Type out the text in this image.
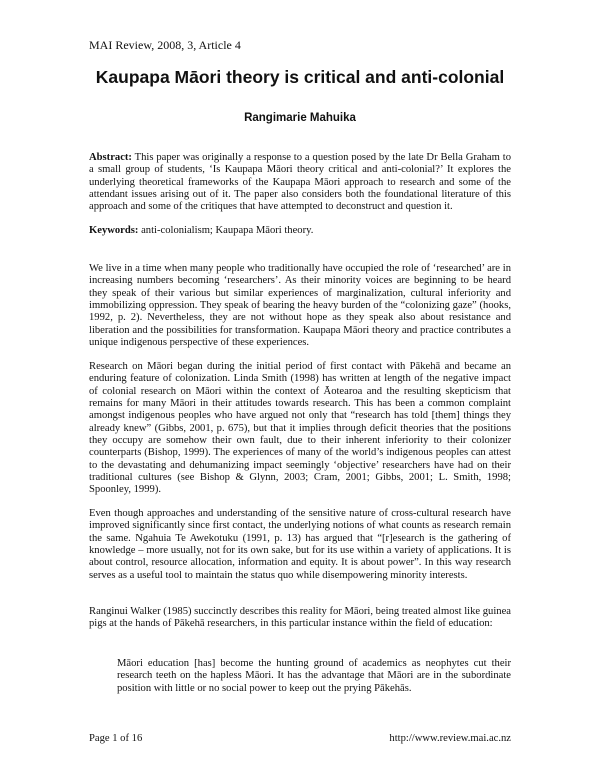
MAI Review, 2008, 3, Article 4
Kaupapa Māori theory is critical and anti-colonial
Rangimarie Mahuika
Abstract: This paper was originally a response to a question posed by the late Dr Bella Graham to a small group of students, ‘Is Kaupapa Māori theory critical and anti-colonial?’ It explores the underlying theoretical frameworks of the Kaupapa Māori approach to research and some of the attendant issues arising out of it. The paper also considers both the foundational literature of this approach and some of the critiques that have attempted to deconstruct and question it.
Keywords: anti-colonialism; Kaupapa Māori theory.
We live in a time when many people who traditionally have occupied the role of ‘researched’ are in increasing numbers becoming ‘researchers’. As their minority voices are beginning to be heard they speak of their various but similar experiences of marginalization, cultural inferiority and immobilizing oppression. They speak of bearing the heavy burden of the “colonizing gaze” (hooks, 1992, p. 2). Nevertheless, they are not without hope as they speak also about resistance and liberation and the possibilities for transformation. Kaupapa Māori theory and practice contributes a unique indigenous perspective of these experiences.
Research on Māori began during the initial period of first contact with Pākehā and became an enduring feature of colonization. Linda Smith (1998) has written at length of the negative impact of colonial research on Māori within the context of Āotearoa and the resulting skepticism that remains for many Māori in their attitudes towards research. This has been a common complaint amongst indigenous peoples who have argued not only that “research has told [them] things they already knew” (Gibbs, 2001, p. 675), but that it implies through deficit theories that the positions they occupy are somehow their own fault, due to their inherent inferiority to their colonizer counterparts (Bishop, 1999). The experiences of many of the world’s indigenous peoples can attest to the devastating and dehumanizing impact seemingly ‘objective’ researchers have had on their traditional cultures (see Bishop & Glynn, 2003; Cram, 2001; Gibbs, 2001; L. Smith, 1998; Spoonley, 1999).
Even though approaches and understanding of the sensitive nature of cross-cultural research have improved significantly since first contact, the underlying notions of what counts as research remain the same. Ngahuia Te Awekotuku (1991, p. 13) has argued that “[r]esearch is the gathering of knowledge – more usually, not for its own sake, but for its use within a variety of applications. It is about control, resource allocation, information and equity. It is about power”. In this way research serves as a useful tool to maintain the status quo while disempowering minority interests.
Ranginui Walker (1985) succinctly describes this reality for Māori, being treated almost like guinea pigs at the hands of Pākehā researchers, in this particular instance within the field of education:
Māori education [has] become the hunting ground of academics as neophytes cut their research teeth on the hapless Māori. It has the advantage that Māori are in the subordinate position with little or no social power to keep out the prying Pākehās.
Page 1 of 16	http://www.review.mai.ac.nz
